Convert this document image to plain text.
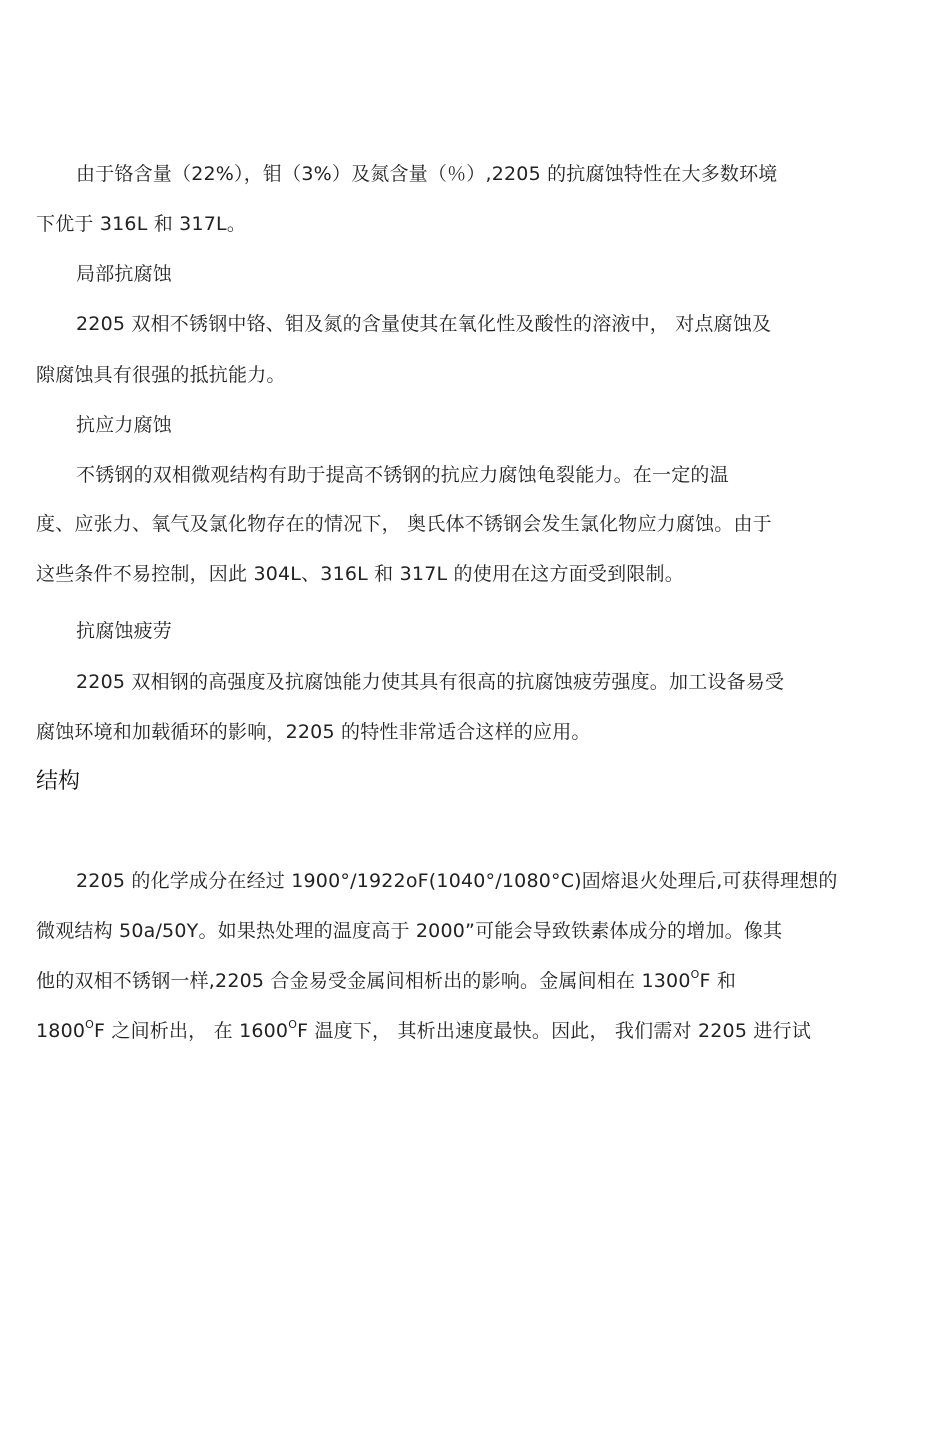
由于铬含量（22%），钼（3%）及氮含量（％）,2205 的抗腐蚀特性在大多数环境
下优于 316L 和 317L。
局部抗腐蚀
2205 双相不锈钢中铬、钼及氮的含量使其在氧化性及酸性的溶液中， 对点腐蚀及
隙腐蚀具有很强的抵抗能力。
抗应力腐蚀
不锈钢的双相微观结构有助于提高不锈钢的抗应力腐蚀龟裂能力。在一定的温
度、应张力、氧气及氯化物存在的情况下， 奥氏体不锈钢会发生氯化物应力腐蚀。由于
这些条件不易控制，因此 304L、316L 和 317L 的使用在这方面受到限制。
抗腐蚀疲劳
2205 双相钢的高强度及抗腐蚀能力使其具有很高的抗腐蚀疲劳强度。加工设备易受
腐蚀环境和加载循环的影响，2205 的特性非常适合这样的应用。
结构
2205 的化学成分在经过 1900°/1922oF(1040°/1080°C)固熔退火处理后,可获得理想的
微观结构 50a/50Y。如果热处理的温度高于 2000”可能会导致铁素体成分的增加。像其
他的双相不锈钢一样,2205 合金易受金属间相析出的影响。金属间相在 $1300^OF$ 和
$1800^OF$ 之间析出， 在 $1600^OF$ 温度下， 其析出速度最快。因此， 我们需对 2205 进行试
